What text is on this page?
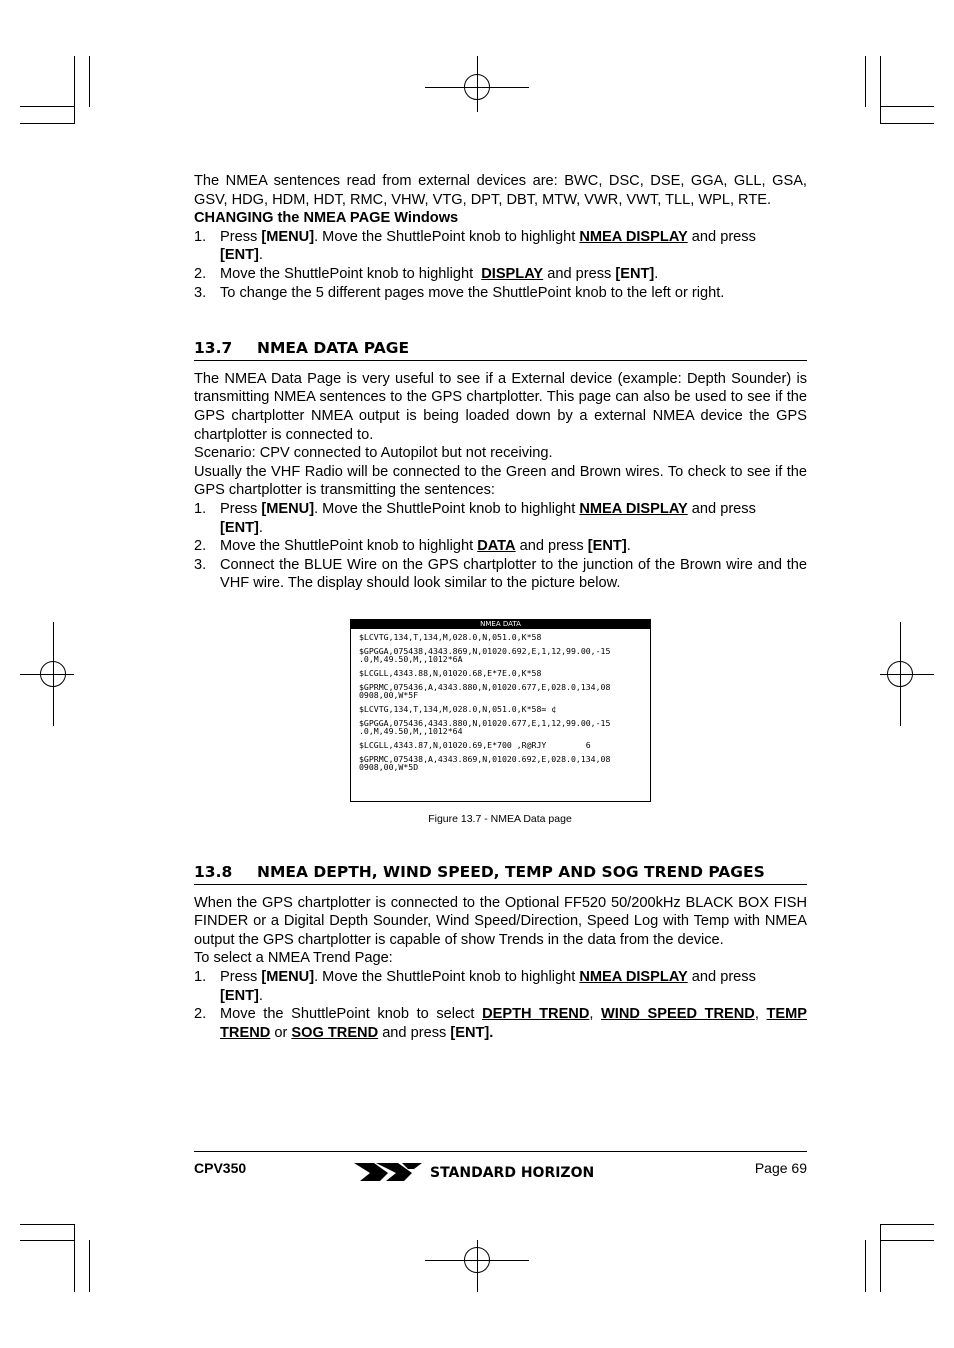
The NMEA sentences read from external devices are: BWC, DSC, DSE, GGA, GLL, GSA, GSV, HDG, HDM, HDT, RMC, VHW, VTG, DPT, DBT, MTW, VWR, VWT, TLL, WPL, RTE.

CHANGING the NMEA PAGE Windows

1. Press [MENU]. Move the ShuttlePoint knob to highlight NMEA DISPLAY and press
[ENT].
2. Move the ShuttlePoint knob to highlight  DISPLAY and press [ENT].
3. To change the 5 different pages move the ShuttlePoint knob to the left or right.
13.7	NMEA DATA PAGE

The NMEA Data Page is very useful to see if a External device (example: Depth Sounder) is transmitting NMEA sentences to the GPS chartplotter. This page can also be used to see if the GPS chartplotter NMEA output is being loaded down by a external NMEA device the GPS chartplotter is connected to.

Scenario: CPV connected to Autopilot but not receiving.

Usually the VHF Radio will be connected to the Green and Brown wires. To check to see if the GPS chartplotter is transmitting the sentences:

1. Press [MENU]. Move the ShuttlePoint knob to highlight NMEA DISPLAY and press
[ENT].
2. Move the ShuttlePoint knob to highlight DATA and press [ENT].
3. Connect the BLUE Wire on the GPS chartplotter to the junction of the Brown wire and the VHF wire. The display should look similar to the picture below.
NMEA DATA
$LCVTG,134,T,134,M,028.0,N,051.0,K*58
$GPGGA,075438,4343.869,N,01020.692,E,1,12,99.00,-15
.0,M,49.50,M,,1012*6A
$LCGLL,4343.88,N,01020.68,E*7E.0,K*58
$GPRMC,075436,A,4343.880,N,01020.677,E,028.0,134,08
0908,00,W*5F
$LCVTG,134,T,134,M,028.0,N,051.0,K*58≃ ¢
$GPGGA,075436,4343.880,N,01020.677,E,1,12,99.00,-15
.0,M,49.50,M,,1012*64
$LCGLL,4343.87,N,01020.69,E*700 ,R@RJY        6
$GPRMC,075438,A,4343.869,N,01020.692,E,028.0,134,08
0908,00,W*5D
Figure 13.7 - NMEA Data page
13.8	NMEA DEPTH, WIND SPEED, TEMP AND SOG TREND PAGES

When the GPS chartplotter is connected to the Optional FF520 50/200kHz BLACK BOX FISH FINDER or a Digital Depth Sounder, Wind Speed/Direction, Speed Log with Temp with NMEA output the GPS chartplotter is capable of show Trends in the data from the device.

To select a NMEA Trend Page:

1. Press [MENU]. Move the ShuttlePoint knob to highlight NMEA DISPLAY and press
[ENT].
2. Move the ShuttlePoint knob to select DEPTH TREND, WIND SPEED TREND, TEMP TREND or SOG TREND and press [ENT].
CPV350	STANDARD HORIZON	Page 69
